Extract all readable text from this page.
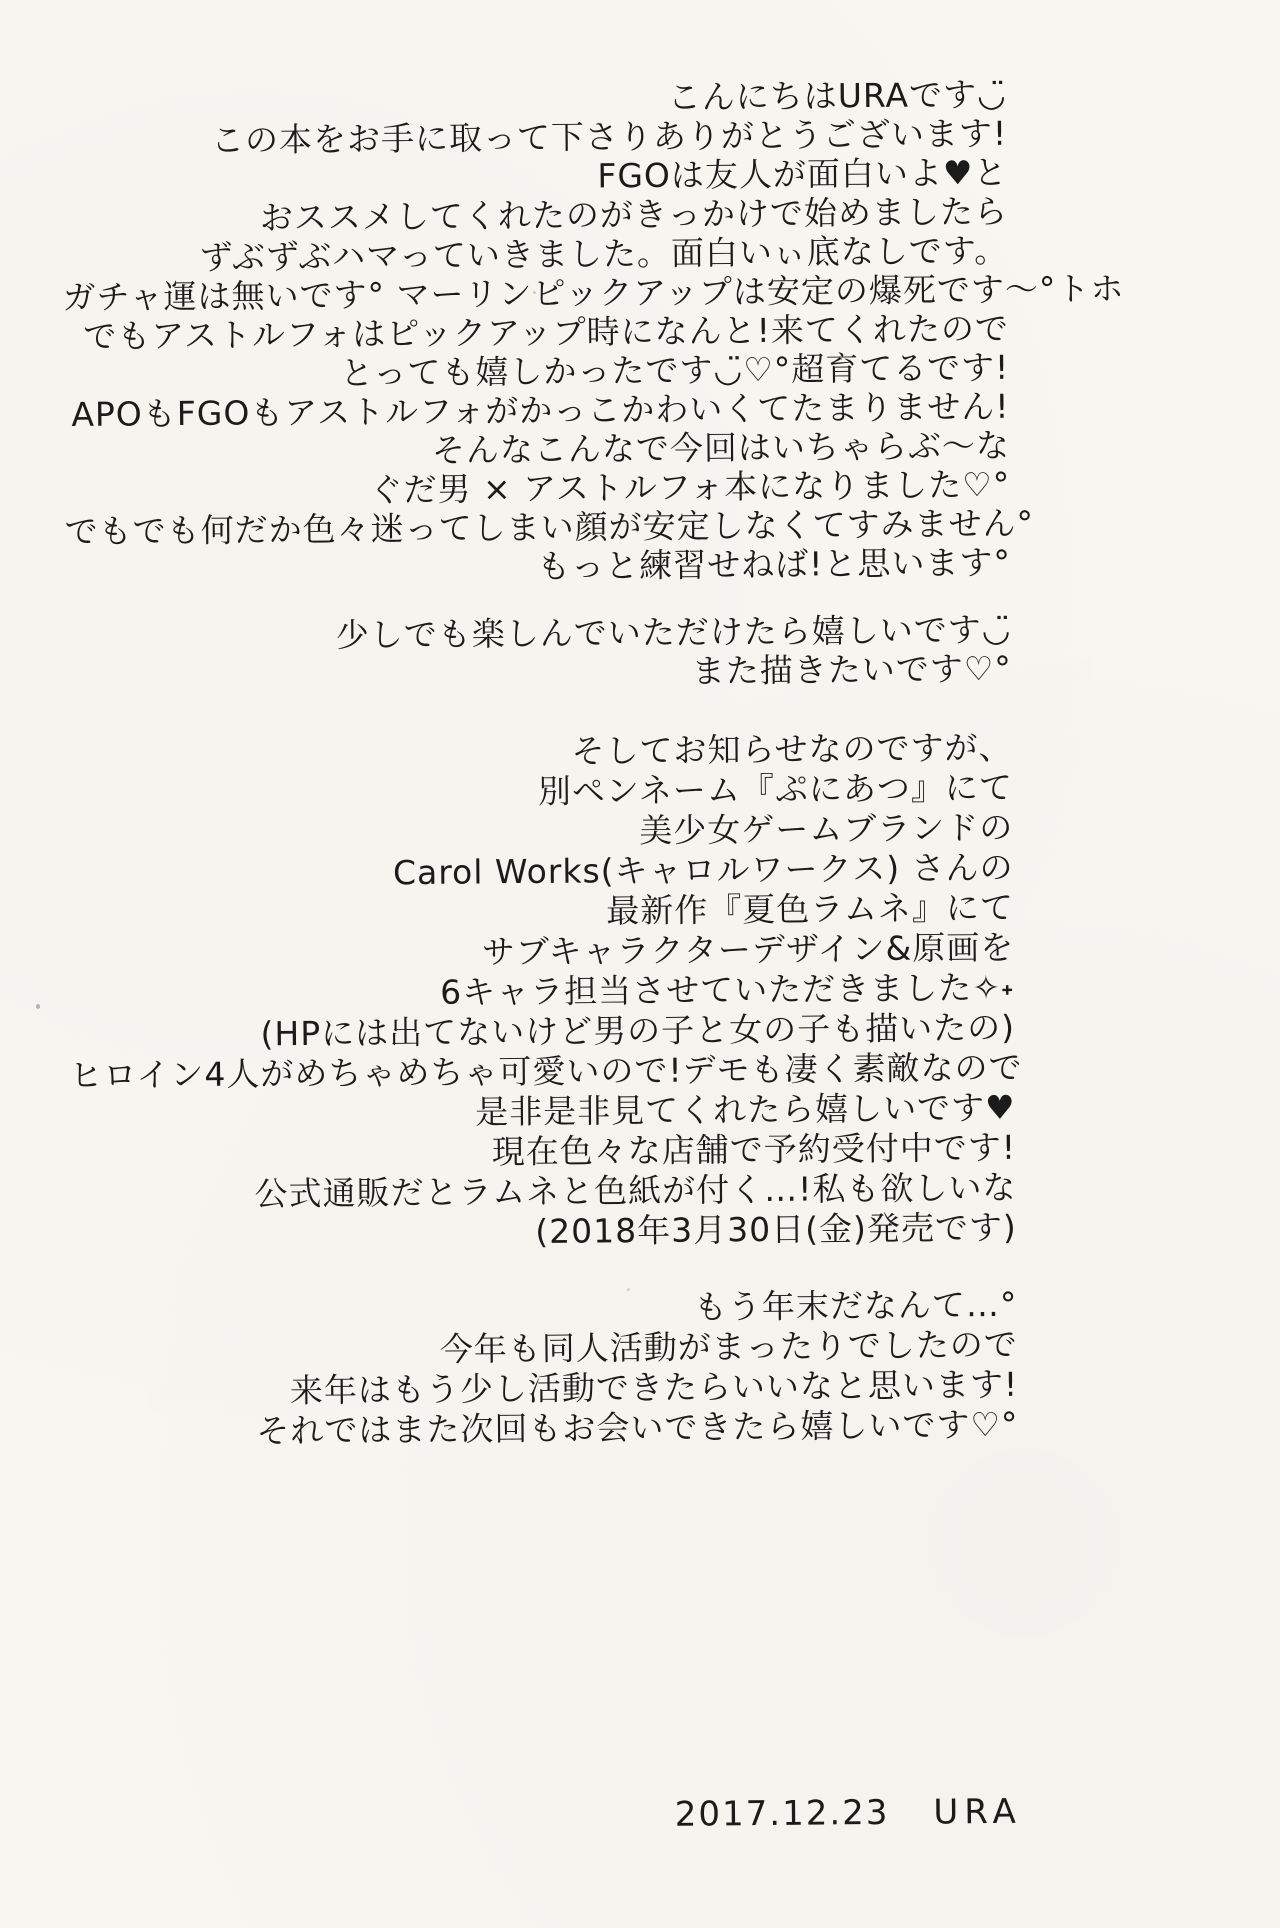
こんにちはURAです◡̈
この本をお手に取って下さりありがとうございます!
FGOは友人が面白いよ♥と
おススメしてくれたのがきっかけで始めましたら
ずぶずぶハマっていきました。面白いぃ底なしです。
ガチャ運は無いです° マーリンピックアップは安定の爆死です〜°トホ
でもアストルフォはピックアップ時になんと!来てくれたので
とっても嬉しかったです◡̈♡°超育てるです!
APOもFGOもアストルフォがかっこかわいくてたまりません!
そんなこんなで今回はいちゃらぶ〜な
ぐだ男 × アストルフォ本になりました♡°
でもでも何だか色々迷ってしまい顔が安定しなくてすみません°
もっと練習せねば!と思います°
少しでも楽しんでいただけたら嬉しいです◡̈
また描きたいです♡°
そしてお知らせなのですが、
別ペンネーム『ぷにあつ』にて
美少女ゲームブランドの
Carol Works(キャロルワークス) さんの
最新作『夏色ラムネ』にて
サブキャラクターデザイン&原画を
6キャラ担当させていただきました✧˖
(HPには出てないけど男の子と女の子も描いたの)
ヒロイン4人がめちゃめちゃ可愛いので!デモも凄く素敵なので
是非是非見てくれたら嬉しいです♥
現在色々な店舗で予約受付中です!
公式通販だとラムネと色紙が付く…!私も欲しいな
(2018年3月30日(金)発売です)
もう年末だなんて…°
今年も同人活動がまったりでしたので
来年はもう少し活動できたらいいなと思います!
それではまた次回もお会いできたら嬉しいです♡°
2017.12.23 URA
